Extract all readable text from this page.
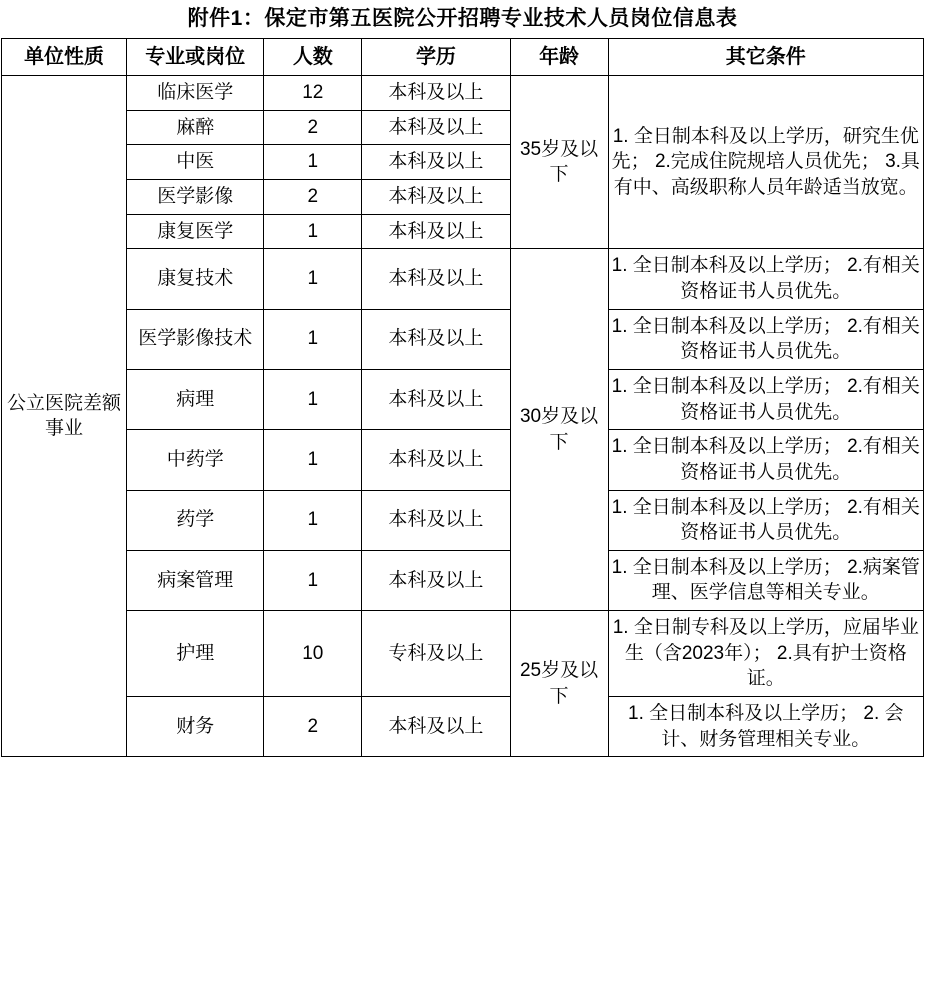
附件1：保定市第五医院公开招聘专业技术人员岗位信息表
单位性质	专业或岗位	人数	学历	年龄	其它条件
公立医院差额事业	临床医学	12	本科及以上	35岁及以下	1. 全日制本科及以上学历，研究生优先； 2.完成住院规培人员优先； 3.具有中、高级职称人员年龄适当放宽。
	麻醉	2	本科及以上		
	中医	1	本科及以上		
	医学影像	2	本科及以上		
	康复医学	1	本科及以上		
	康复技术	1	本科及以上	30岁及以下	1. 全日制本科及以上学历； 2.有相关资格证书人员优先。
	医学影像技术	1	本科及以上		1. 全日制本科及以上学历； 2.有相关资格证书人员优先。
	病理	1	本科及以上		1. 全日制本科及以上学历； 2.有相关资格证书人员优先。
	中药学	1	本科及以上		1. 全日制本科及以上学历； 2.有相关资格证书人员优先。
	药学	1	本科及以上		1. 全日制本科及以上学历； 2.有相关资格证书人员优先。
	病案管理	1	本科及以上		1. 全日制本科及以上学历； 2.病案管理、医学信息等相关专业。
	护理	10	专科及以上	25岁及以下	1. 全日制专科及以上学历，应届毕业生（含2023年）； 2.具有护士资格证。
	财务	2	本科及以上		1. 全日制本科及以上学历； 2. 会计、财务管理相关专业。
